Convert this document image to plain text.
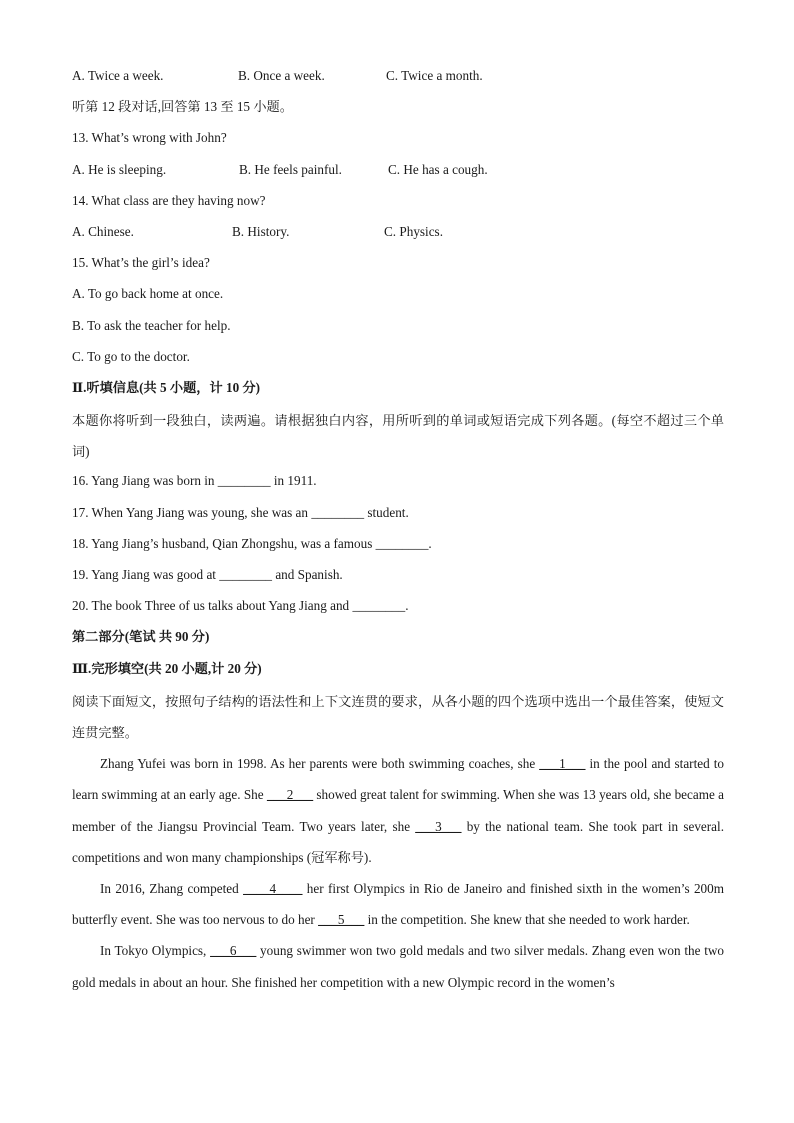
A. Twice a week.	B. Once a week.	C. Twice a month.
听第 12 段对话,回答第 13 至 15 小题。
13. What’s wrong with John?
A. He is sleeping.	B. He feels painful.	C. He has a cough.
14. What class are they having now?
A. Chinese.	B. History.	C. Physics.
15. What’s the girl’s idea?
A. To go back home at once.
B. To ask the teacher for help.
C. To go to the doctor.
Ⅱ.听填信息(共 5 小题，计 10 分)
本题你将听到一段独白，读两遍。请根据独白内容，用所听到的单词或短语完成下列各题。(每空不超过三个单词)
16. Yang Jiang was born in ________ in 1911.
17. When Yang Jiang was young, she was an ________ student.
18. Yang Jiang’s husband, Qian Zhongshu, was a famous ________.
19. Yang Jiang was good at ________ and Spanish.
20. The book Three of us talks about Yang Jiang and ________.
第二部分(笔试 共 90 分)
Ⅲ.完形填空(共 20 小题,计 20 分)
阅读下面短文，按照句子结构的语法性和上下文连贯的要求，从各小题的四个选项中选出一个最佳答案，使短文连贯完整。
Zhang Yufei was born in 1998. As her parents were both swimming coaches, she ___1___ in the pool and started to learn swimming at an early age. She ___2___ showed great talent for swimming. When she was 13 years old, she became a member of the Jiangsu Provincial Team. Two years later, she ___3___ by the national team. She took part in several. competitions and won many championships (冠军称号).
In 2016, Zhang competed ____4____ her first Olympics in Rio de Janeiro and finished sixth in the women’s 200m butterfly event. She was too nervous to do her ___5___ in the competition. She knew that she needed to work harder.
In Tokyo Olympics, ___6___ young swimmer won two gold medals and two silver medals. Zhang even won the two gold medals in about an hour. She finished her competition with a new Olympic record in the women’s
